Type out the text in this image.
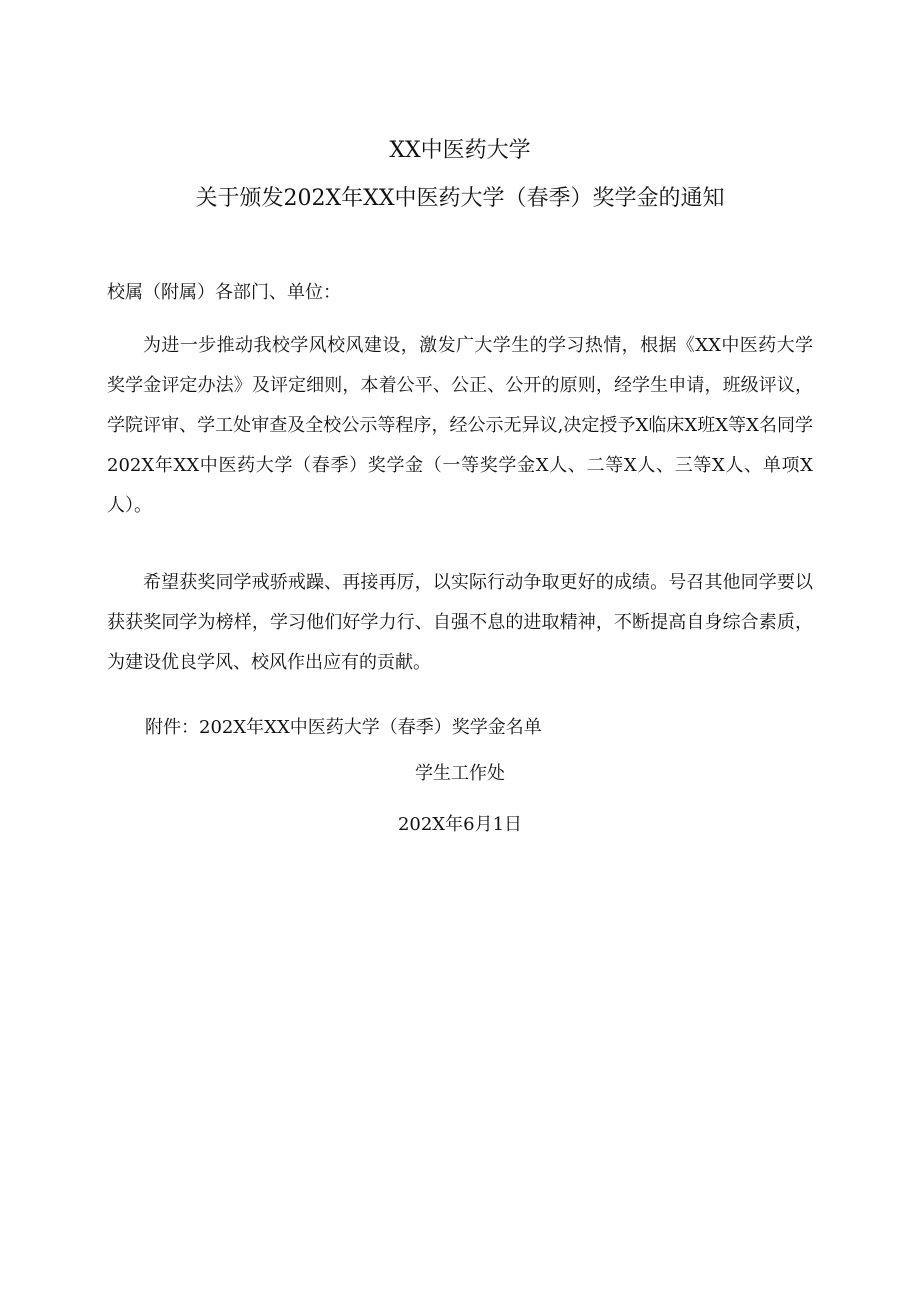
XX中医药大学
关于颁发202X年XX中医药大学（春季）奖学金的通知
校属（附属）各部门、单位：

为进一步推动我校学风校风建设，激发广大学生的学习热情，根据《XX中医药大学奖学金评定办法》及评定细则，本着公平、公正、公开的原则，经学生申请，班级评议，学院评审、学工处审查及全校公示等程序，经公示无异议,决定授予X临床X班X等X名同学202X年XX中医药大学（春季）奖学金（一等奖学金X人、二等X人、三等X人、单项X人）。

希望获奖同学戒骄戒躁、再接再厉，以实际行动争取更好的成绩。号召其他同学要以获获奖同学为榜样，学习他们好学力行、自强不息的进取精神，不断提高自身综合素质，为建设优良学风、校风作出应有的贡献。

附件：202X年XX中医药大学（春季）奖学金名单
学生工作处
202X年6月1日
